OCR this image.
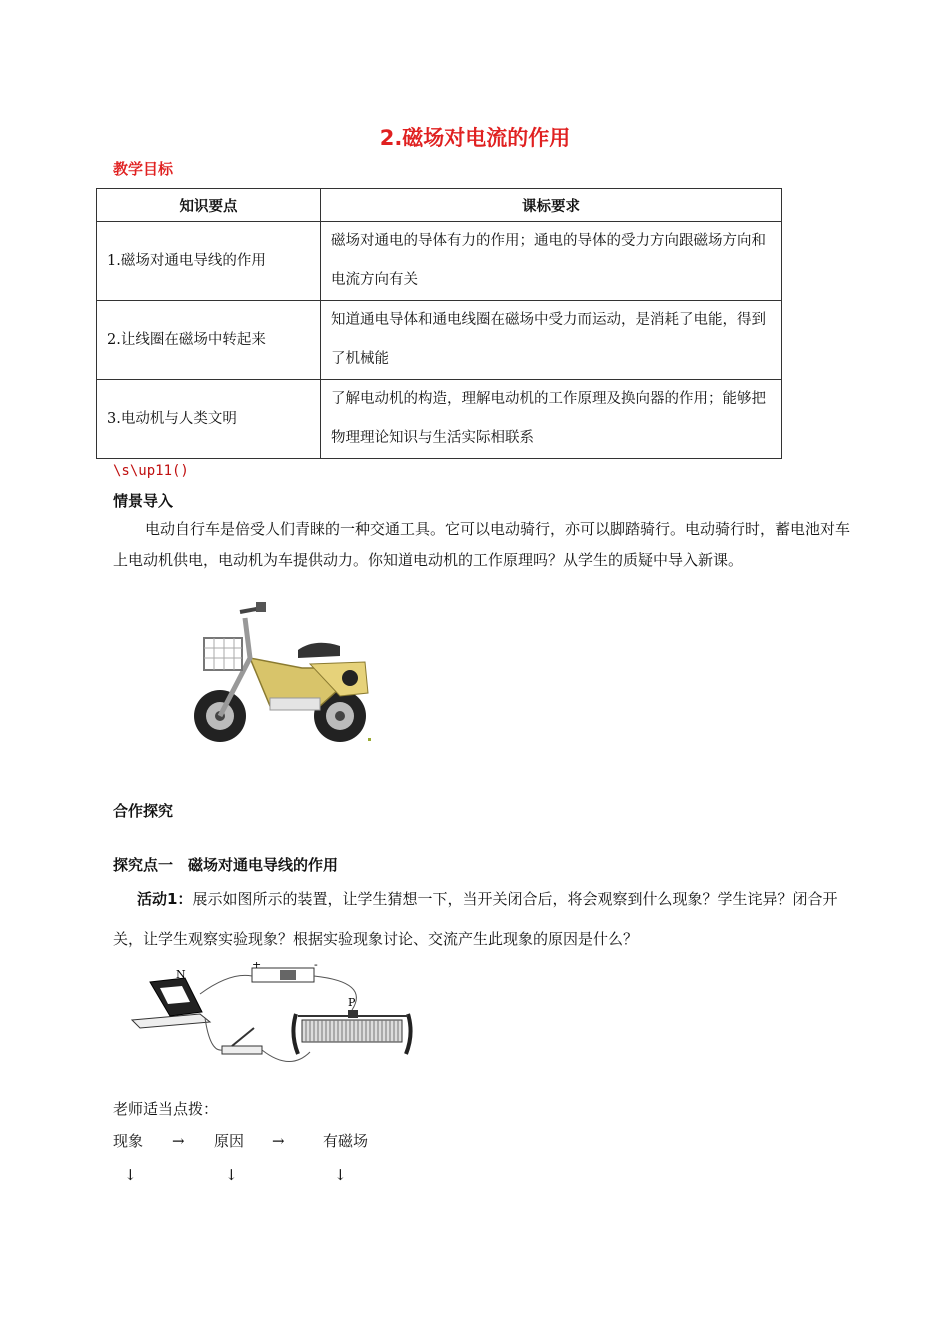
2.磁场对电流的作用
教学目标
知识要点	课标要求
1.磁场对通电导线的作用	磁场对通电的导体有力的作用；通电的导体的受力方向跟磁场方向和电流方向有关
2.让线圈在磁场中转起来	知道通电导体和通电线圈在磁场中受力而运动，是消耗了电能，得到了机械能
3.电动机与人类文明	了解电动机的构造，理解电动机的工作原理及换向器的作用；能够把物理理论知识与生活实际相联系
\s\up11()
情景导入
电动自行车是倍受人们青睐的一种交通工具。它可以电动骑行，亦可以脚踏骑行。电动骑行时，蓄电池对车上电动机供电，电动机为车提供动力。你知道电动机的工作原理吗？从学生的质疑中导入新课。
合作探究
探究点一　磁场对通电导线的作用
活动1：展示如图所示的装置，让学生猜想一下，当开关闭合后，将会观察到什么现象？学生诧异？闭合开关，让学生观察实验现象？根据实验现象讨论、交流产生此现象的原因是什么？
N
+	-
P
老师适当点拨：
现象 → 原因 →	有磁场
↓	↓	↓
